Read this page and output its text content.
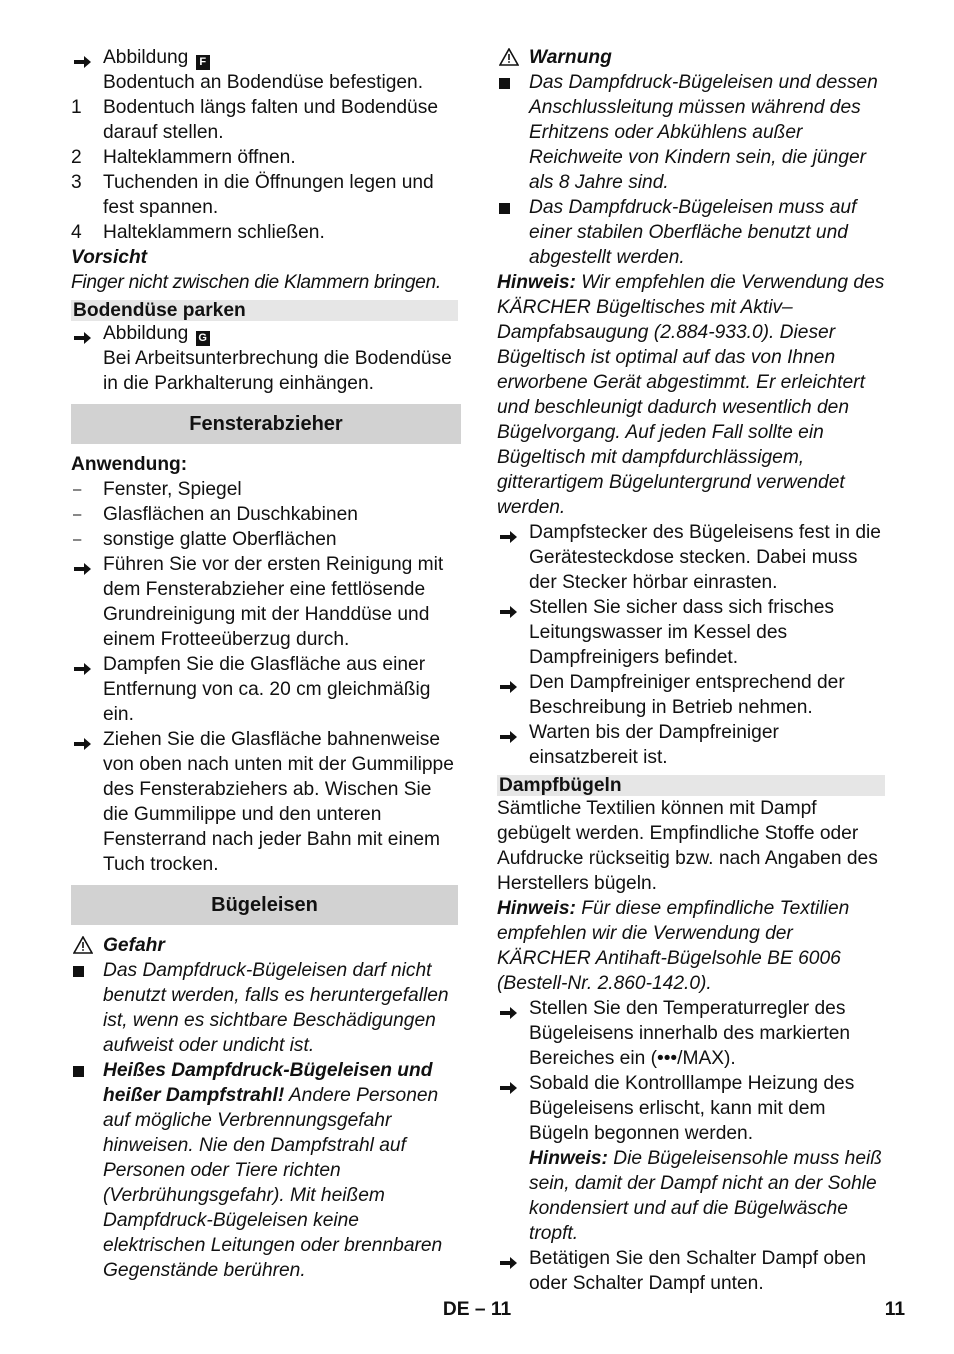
Abbildung F
Bodentuch an Bodendüse befestigen.
1	Bodentuch längs falten und Bodendüse darauf stellen.
2	Halteklammern öffnen.
3	Tuchenden in die Öffnungen legen und fest spannen.
4	Halteklammern schließen.
Vorsicht
Finger nicht zwischen die Klammern bringen.
Bodendüse parken
Abbildung G
Bei Arbeitsunterbrechung die Bodendüse in die Parkhalterung einhängen.
Fensterabzieher
Anwendung:
–	Fenster, Spiegel
–	Glasflächen an Duschkabinen
–	sonstige glatte Oberflächen
Führen Sie vor der ersten Reinigung mit dem Fensterabzieher eine fettlösende Grundreinigung mit der Handdüse und einem Frotteeüberzug durch.
Dampfen Sie die Glasfläche aus einer Entfernung von ca. 20 cm gleichmäßig ein.
Ziehen Sie die Glasfläche bahnenweise von oben nach unten mit der Gummilippe des Fensterabziehers ab. Wischen Sie die Gummilippe und den unteren Fensterrand nach jeder Bahn mit einem Tuch trocken.
Bügeleisen
Gefahr
Das Dampfdruck-Bügeleisen darf nicht benutzt werden, falls es heruntergefallen ist, wenn es sichtbare Beschädigungen aufweist oder undicht ist.
Heißes Dampfdruck-Bügeleisen und heißer Dampfstrahl! Andere Personen auf mögliche Verbrennungsgefahr hinweisen. Nie den Dampfstrahl auf Personen oder Tiere richten (Verbrühungsgefahr). Mit heißem Dampfdruck-Bügeleisen keine elektrischen Leitungen oder brennbaren Gegenstände berühren.
Warnung
Das Dampfdruck-Bügeleisen und dessen Anschlussleitung müssen während des Erhitzens oder Abkühlens außer Reichweite von Kindern sein, die jünger als 8 Jahre sind.
Das Dampfdruck-Bügeleisen muss auf einer stabilen Oberfläche benutzt und abgestellt werden.
Hinweis: Wir empfehlen die Verwendung des KÄRCHER Bügeltisches mit Aktiv–Dampfabsaugung (2.884-933.0). Dieser Bügeltisch ist optimal auf das von Ihnen erworbene Gerät abgestimmt. Er erleichtert und beschleunigt dadurch wesentlich den Bügelvorgang. Auf jeden Fall sollte ein Bügeltisch mit dampfdurchlässigem, gitterartigem Bügeluntergrund verwendet werden.
Dampfstecker des Bügeleisens fest in die Gerätesteckdose stecken. Dabei muss der Stecker hörbar einrasten.
Stellen Sie sicher dass sich frisches Leitungswasser im Kessel des Dampfreinigers befindet.
Den Dampfreiniger entsprechend der Beschreibung in Betrieb nehmen.
Warten bis der Dampfreiniger einsatzbereit ist.
Dampfbügeln
Sämtliche Textilien können mit Dampf gebügelt werden. Empfindliche Stoffe oder Aufdrucke rückseitig bzw. nach Angaben des Herstellers bügeln.
Hinweis: Für diese empfindliche Textilien empfehlen wir die Verwendung der KÄRCHER Antihaft-Bügelsohle BE 6006 (Bestell-Nr. 2.860-142.0).
Stellen Sie den Temperaturregler des Bügeleisens innerhalb des markierten Bereiches ein (•••/MAX).
Sobald die Kontrolllampe Heizung des Bügeleisens erlischt, kann mit dem Bügeln begonnen werden.
Hinweis: Die Bügeleisensohle muss heiß sein, damit der Dampf nicht an der Sohle kondensiert und auf die Bügelwäsche tropft.
Betätigen Sie den Schalter Dampf oben oder Schalter Dampf unten.
DE – 11	11
